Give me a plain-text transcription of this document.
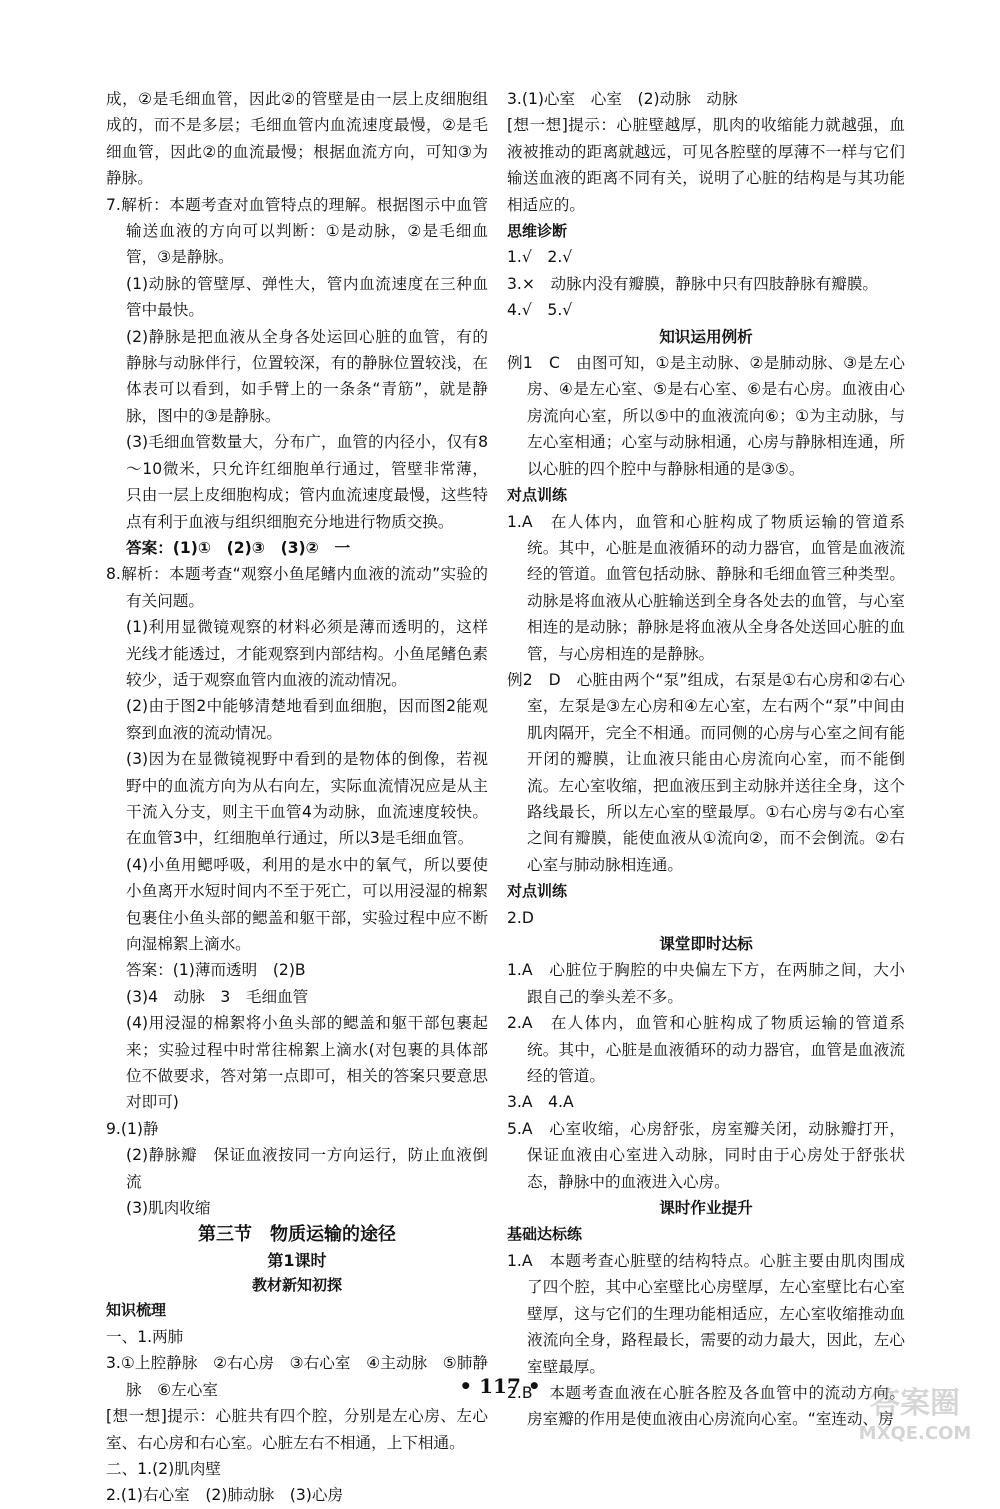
成，②是毛细血管，因此②的管壁是由一层上皮细胞组成的，而不是多层；毛细血管内血流速度最慢，②是毛细血管，因此②的血流最慢；根据血流方向，可知③为静脉。

7.解析：本题考查对血管特点的理解。根据图示中血管输送血液的方向可以判断：①是动脉，②是毛细血管，③是静脉。

(1)动脉的管壁厚、弹性大，管内血流速度在三种血管中最快。

(2)静脉是把血液从全身各处运回心脏的血管，有的静脉与动脉伴行，位置较深，有的静脉位置较浅，在体表可以看到，如手臂上的一条条“青筋”，就是静脉，图中的③是静脉。

(3)毛细血管数量大，分布广，血管的内径小，仅有8～10微米，只允许红细胞单行通过，管壁非常薄，只由一层上皮细胞构成；管内血流速度最慢，这些特点有利于血液与组织细胞充分地进行物质交换。

答案：(1)①　(2)③　(3)②　一

8.解析：本题考查“观察小鱼尾鳍内血液的流动”实验的有关问题。

(1)利用显微镜观察的材料必须是薄而透明的，这样光线才能透过，才能观察到内部结构。小鱼尾鳍色素较少，适于观察血管内血液的流动情况。

(2)由于图2中能够清楚地看到血细胞，因而图2能观察到血液的流动情况。

(3)因为在显微镜视野中看到的是物体的倒像，若视野中的血流方向为从右向左，实际血流情况应是从主干流入分支，则主干血管4为动脉，血流速度较快。在血管3中，红细胞单行通过，所以3是毛细血管。

(4)小鱼用鳃呼吸，利用的是水中的氧气，所以要使小鱼离开水短时间内不至于死亡，可以用浸湿的棉絮包裹住小鱼头部的鳃盖和躯干部，实验过程中应不断向湿棉絮上滴水。

答案：(1)薄而透明　(2)B

(3)4　动脉　3　毛细血管

(4)用浸湿的棉絮将小鱼头部的鳃盖和躯干部包裹起来；实验过程中时常往棉絮上滴水(对包裹的具体部位不做要求，答对第一点即可，相关的答案只要意思对即可)

9.(1)静

(2)静脉瓣　保证血液按同一方向运行，防止血液倒流

(3)肌肉收缩

第三节　物质运输的途径

第1课时

教材新知初探

知识梳理

一、1.两肺

3.①上腔静脉　②右心房　③右心室　④主动脉　⑤肺静脉　⑥左心室

[想一想]提示：心脏共有四个腔，分别是左心房、左心室、右心房和右心室。心脏左右不相通，上下相通。

二、1.(2)肌肉壁

2.(1)右心室　(2)肺动脉　(3)心房

3.(1)心室　心室　(2)动脉　动脉

[想一想]提示：心脏壁越厚，肌肉的收缩能力就越强，血液被推动的距离就越远，可见各腔壁的厚薄不一样与它们输送血液的距离不同有关，说明了心脏的结构是与其功能相适应的。

思维诊断

1.√　2.√

3.×　动脉内没有瓣膜，静脉中只有四肢静脉有瓣膜。

4.√　5.√

知识运用例析

例1　C　由图可知，①是主动脉、②是肺动脉、③是左心房、④是左心室、⑤是右心室、⑥是右心房。血液由心房流向心室，所以⑤中的血液流向⑥；①为主动脉，与左心室相通；心室与动脉相通，心房与静脉相连通，所以心脏的四个腔中与静脉相通的是③⑤。

对点训练

1.A　在人体内，血管和心脏构成了物质运输的管道系统。其中，心脏是血液循环的动力器官，血管是血液流经的管道。血管包括动脉、静脉和毛细血管三种类型。动脉是将血液从心脏输送到全身各处去的血管，与心室相连的是动脉；静脉是将血液从全身各处送回心脏的血管，与心房相连的是静脉。

例2　D　心脏由两个“泵”组成，右泵是①右心房和②右心室，左泵是③左心房和④左心室，左右两个“泵”中间由肌肉隔开，完全不相通。而同侧的心房与心室之间有能开闭的瓣膜，让血液只能由心房流向心室，而不能倒流。左心室收缩，把血液压到主动脉并送往全身，这个路线最长，所以左心室的壁最厚。①右心房与②右心室之间有瓣膜，能使血液从①流向②，而不会倒流。②右心室与肺动脉相连通。

对点训练

2.D

课堂即时达标

1.A　心脏位于胸腔的中央偏左下方，在两肺之间，大小跟自己的拳头差不多。

2.A　在人体内，血管和心脏构成了物质运输的管道系统。其中，心脏是血液循环的动力器官，血管是血液流经的管道。

3.A　4.A

5.A　心室收缩，心房舒张，房室瓣关闭，动脉瓣打开，保证血液由心室进入动脉，同时由于心房处于舒张状态，静脉中的血液进入心房。

课时作业提升

基础达标练

1.A　本题考查心脏壁的结构特点。心脏主要由肌肉围成了四个腔，其中心室壁比心房壁厚，左心室壁比右心室壁厚，这与它们的生理功能相适应，左心室收缩推动血液流向全身，路程最长，需要的动力最大，因此，左心室壁最厚。

2.B　本题考查血液在心脏各腔及各血管中的流动方向。房室瓣的作用是使血液由心房流向心室。“室连动、房

• 117 •	答案圈
MXQE.COM
